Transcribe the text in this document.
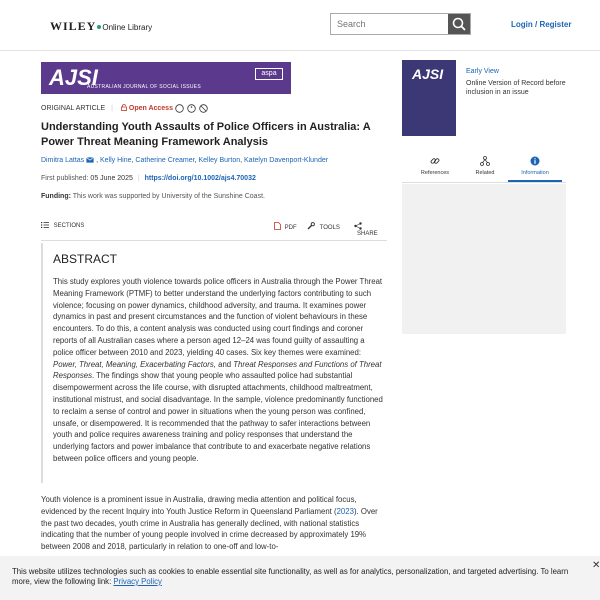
WILEY Online Library
Search	Login / Register
AJSI
AUSTRALIAN JOURNAL OF SOCIAL ISSUES
aspa
ORIGINAL ARTICLE | Open Access
Understanding Youth Assaults of Police Officers in Australia: A Power Threat Meaning Framework Analysis
Dimitra Lattas , Kelly Hine, Catherine Creamer, Kelley Burton, Katelyn Davenport-Klunder
First published: 05 June 2025 | https://doi.org/10.1002/ajs4.70032
Funding: This work was supported by University of the Sunshine Coast.
SECTIONS	PDF	TOOLS
SHARE
ABSTRACT
This study explores youth violence towards police officers in Australia through the Power Threat Meaning Framework (PTMF) to better understand the underlying factors contributing to such violence; focusing on power dynamics, childhood adversity, and trauma. It examines power dynamics in past and present circumstances and the function of violent behaviours in these encounters. To do this, a content analysis was conducted using court findings and coroner reports of all Australian cases where a person aged 12–24 was found guilty of assaulting a police officer between 2010 and 2023, yielding 40 cases. Six key themes were examined: Power, Threat, Meaning, Exacerbating Factors, and Threat Responses and Functions of Threat Responses. The findings show that young people who assaulted police had substantial disempowerment across the life course, with disrupted attachments, childhood maltreatment, institutional mistrust, and social disadvantage. In the sample, violence predominantly functioned to reclaim a sense of control and power in situations when the young person was confined, unsafe, or disempowered. It is recommended that the pathway to safer interactions between youth and police requires awareness training and policy responses that understand the underlying factors and power imbalance that contribute to and exacerbate negative relations between police officers and young people.
Youth violence is a prominent issue in Australia, drawing media attention and political focus, evidenced by the recent Inquiry into Youth Justice Reform in Queensland Parliament (2023). Over the past two decades, youth crime in Australia has generally declined, with national statistics indicating that the number of young people involved in crime decreased by approximately 19% between 2008 and 2018, particularly in relation to one-off and low-to-
AJSI	Early View
Online Version of Record before inclusion in an issue
References	Related	Information
This website utilizes technologies such as cookies to enable essential site functionality, as well as for analytics, personalization, and targeted advertising. To learn more, view the following link: Privacy Policy
✕
